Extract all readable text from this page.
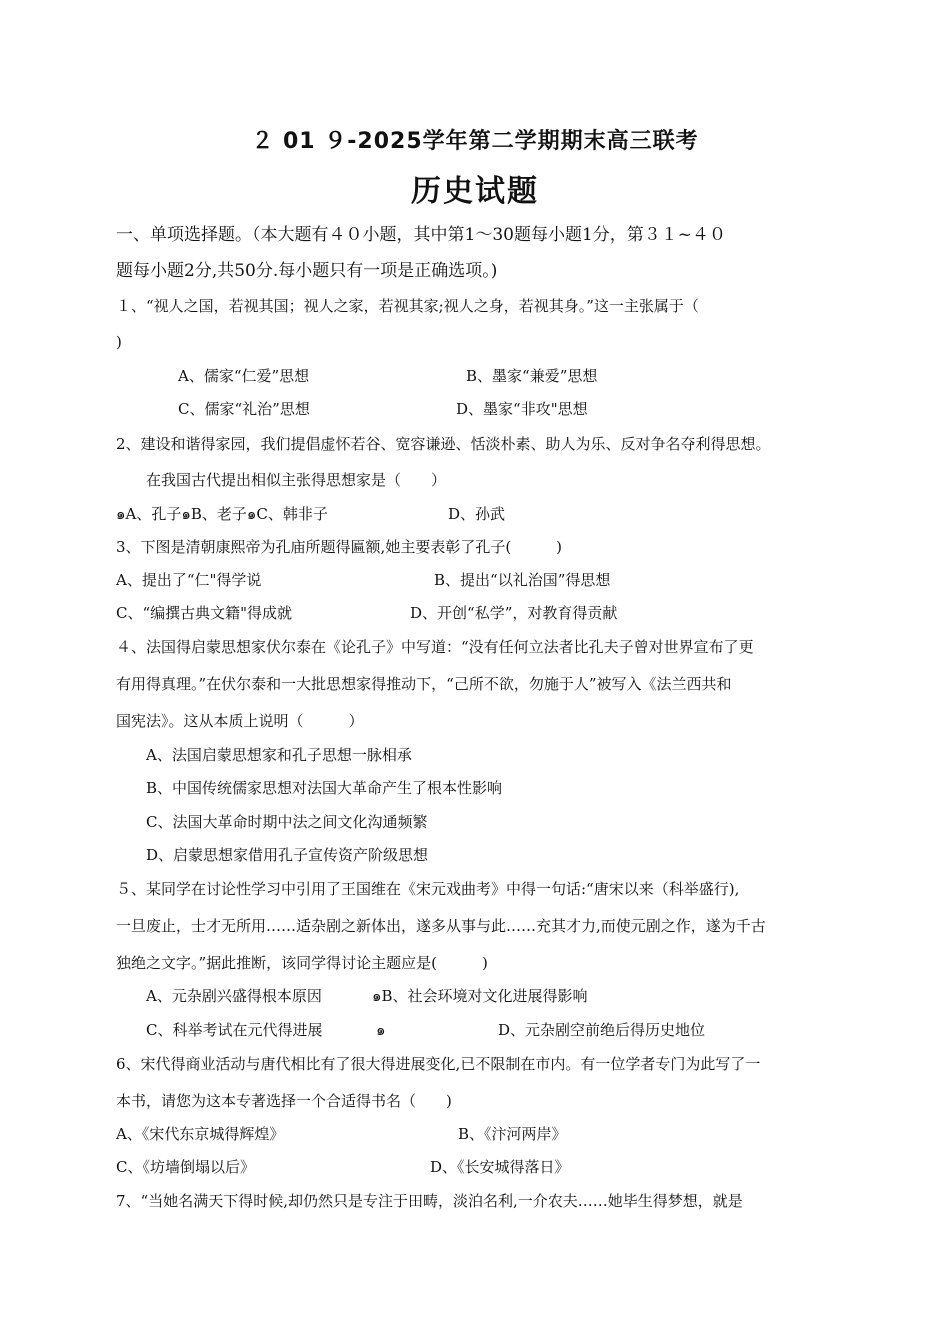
２ 01 ９-2025学年第二学期期末高三联考
历史试题
一、单项选择题。（本大题有４０小题，其中第1～30题每小题1分，第３１~４０
题每小题2分,共50分.每小题只有一项是正确选项。)
１、“视人之国，若视其国；视人之家，若视其家;视人之身，若视其身。”这一主张属于（
)
A、儒家“仁爱”思想	B、墨家“兼爱”思想
C、儒家“礼治”思想	D、墨家“非攻"思想
2、建设和谐得家园，我们提倡虚怀若谷、宽容谦逊、恬淡朴素、助人为乐、反对争名夺利得思想。
在我国古代提出相似主张得思想家是（　　）
๑A、孔子๑B、老子๑C、韩非子	D、孙武
3、下图是清朝康熙帝为孔庙所题得匾额,她主要表彰了孔子(　　　)
A、提出了“仁"得学说	B、提出“以礼治国”得思想
C、“编撰古典文籍"得成就	D、开创“私学”，对教育得贡献
４、法国得启蒙思想家伏尔泰在《论孔子》中写道：“没有任何立法者比孔夫子曾对世界宣布了更
有用得真理。”在伏尔泰和一大批思想家得推动下，“己所不欲，勿施于人”被写入《法兰西共和
国宪法》。这从本质上说明（　　　）
A、法国启蒙思想家和孔子思想一脉相承
B、中国传统儒家思想对法国大革命产生了根本性影响
C、法国大革命时期中法之间文化沟通频繁
D、启蒙思想家借用孔子宣传资产阶级思想
５、某同学在讨论性学习中引用了王国维在《宋元戏曲考》中得一句话:“唐宋以来（科举盛行),
一旦废止，士才无所用……适杂剧之新体出，遂多从事与此……充其才力,而使元剧之作，遂为千古
独绝之文字。”据此推断，该同学得讨论主题应是(　　　)
A、元杂剧兴盛得根本原因	๑B、社会环境对文化进展得影响
C、科举考试在元代得进展	๑	D、元杂剧空前绝后得历史地位
6、宋代得商业活动与唐代相比有了很大得进展变化,已不限制在市内。有一位学者专门为此写了一
本书，请您为这本专著选择一个合适得书名（　　)
A、《宋代东京城得辉煌》	B、《汴河两岸》
C、《坊墙倒塌以后》	D、《长安城得落日》
7、“当她名满天下得时候,却仍然只是专注于田畴，淡泊名利,一介农夫……她毕生得梦想，就是
